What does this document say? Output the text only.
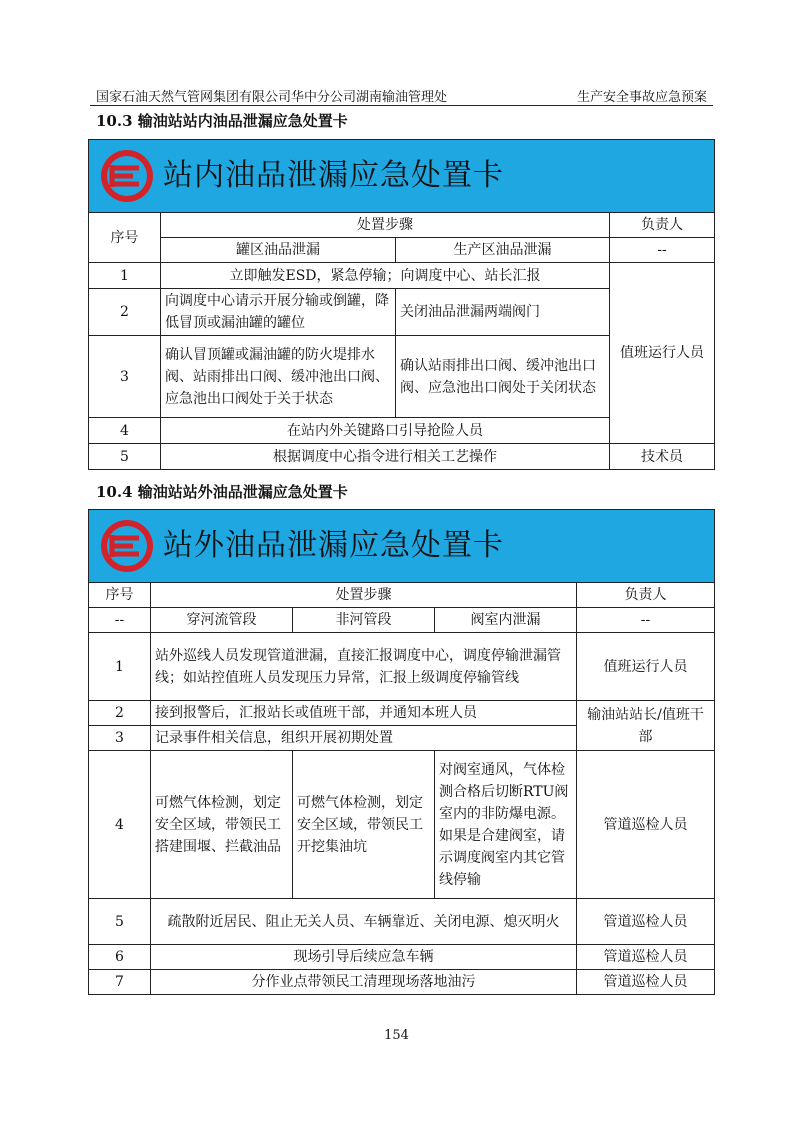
国家石油天然气管网集团有限公司华中分公司湖南输油管理处	生产安全事故应急预案
10.3 输油站站内油品泄漏应急处置卡
站内油品泄漏应急处置卡			

序号	处置步骤		负责人
	罐区油品泄漏	生产区油品泄漏	--
1	立即触发ESD，紧急停输；向调度中心、站长汇报		值班运行人员
2	向调度中心请示开展分输或倒罐，降低冒顶或漏油罐的罐位	关闭油品泄漏两端阀门	
3	确认冒顶罐或漏油罐的防火堤排水阀、站雨排出口阀、缓冲池出口阀、应急池出口阀处于关于状态	确认站雨排出口阀、缓冲池出口阀、应急池出口阀处于关闭状态	
4	在站内外关键路口引导抢险人员		
5	根据调度中心指令进行相关工艺操作		技术员
10.4 输油站站外油品泄漏应急处置卡
站外油品泄漏应急处置卡				

序号	处置步骤			负责人
--	穿河流管段	非河管段	阀室内泄漏	--
1	站外巡线人员发现管道泄漏，直接汇报调度中心，调度停输泄漏管线；如站控值班人员发现压力异常，汇报上级调度停输管线			值班运行人员
2	接到报警后，汇报站长或值班干部，并通知本班人员			输油站站长/值班干部
3	记录事件相关信息，组织开展初期处置			
4	可燃气体检测，划定安全区域，带领民工搭建围堰、拦截油品	可燃气体检测，划定安全区域，带领民工开挖集油坑	对阀室通风，气体检测合格后切断RTU阀室内的非防爆电源。如果是合建阀室，请示调度阀室内其它管线停输	管道巡检人员
5	疏散附近居民、阻止无关人员、车辆靠近、关闭电源、熄灭明火			管道巡检人员
6	现场引导后续应急车辆			管道巡检人员
7	分作业点带领民工清理现场落地油污			管道巡检人员
154
